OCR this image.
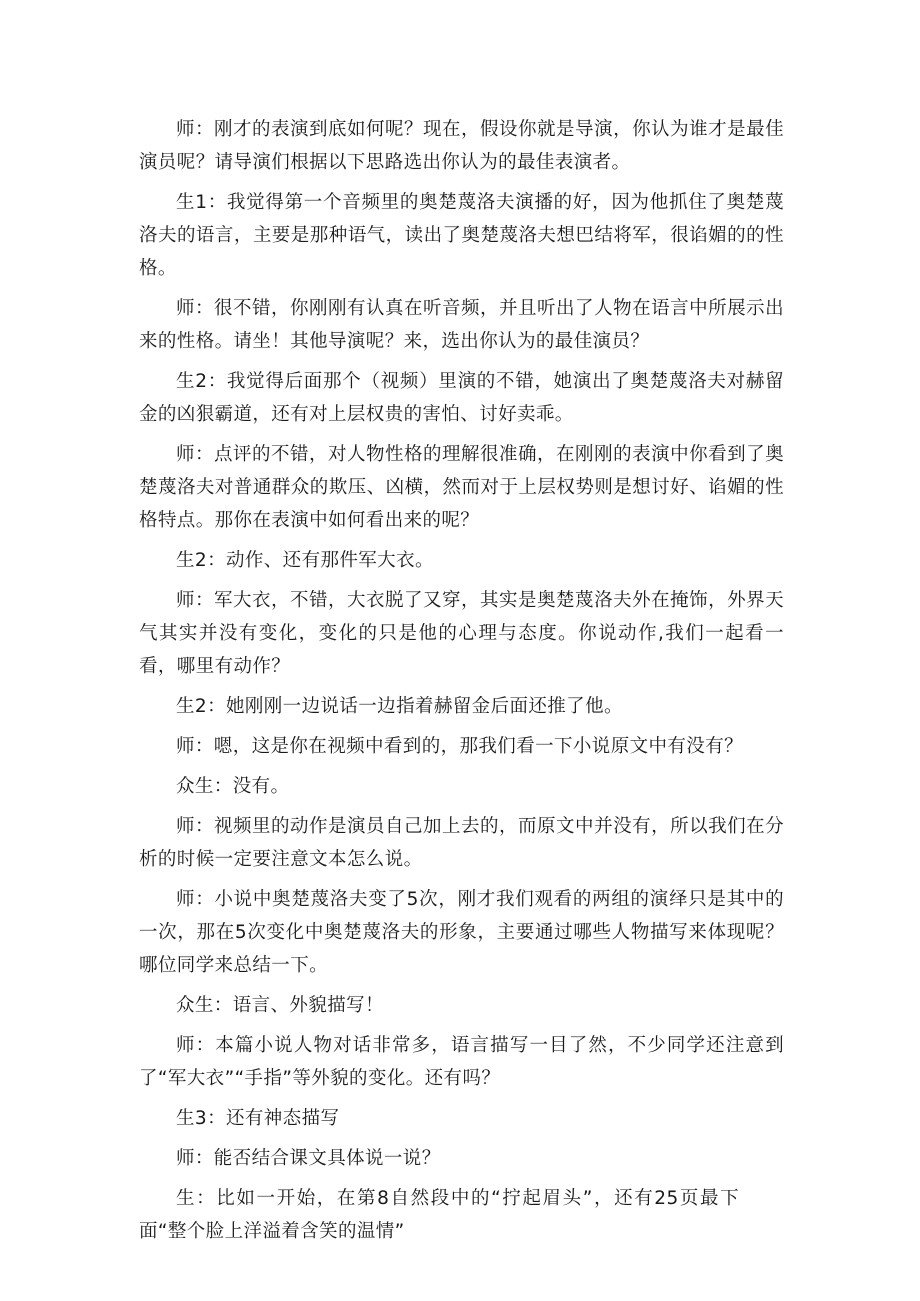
师：刚才的表演到底如何呢？现在，假设你就是导演，你认为谁才是最佳演员呢？请导演们根据以下思路选出你认为的最佳表演者。

生1：我觉得第一个音频里的奥楚蔑洛夫演播的好，因为他抓住了奥楚蔑洛夫的语言，主要是那种语气，读出了奥楚蔑洛夫想巴结将军，很谄媚的的性格。

师：很不错，你刚刚有认真在听音频，并且听出了人物在语言中所展示出来的性格。请坐！其他导演呢？来，选出你认为的最佳演员？

生2：我觉得后面那个（视频）里演的不错，她演出了奥楚蔑洛夫对赫留金的凶狠霸道，还有对上层权贵的害怕、讨好卖乖。

师：点评的不错，对人物性格的理解很准确，在刚刚的表演中你看到了奥楚蔑洛夫对普通群众的欺压、凶横，然而对于上层权势则是想讨好、谄媚的性格特点。那你在表演中如何看出来的呢？

生2：动作、还有那件军大衣。

师：军大衣，不错，大衣脱了又穿，其实是奥楚蔑洛夫外在掩饰，外界天气其实并没有变化，变化的只是他的心理与态度。你说动作,我们一起看一看，哪里有动作？

生2：她刚刚一边说话一边指着赫留金后面还推了他。

师：嗯，这是你在视频中看到的，那我们看一下小说原文中有没有？

众生：没有。

师：视频里的动作是演员自己加上去的，而原文中并没有，所以我们在分析的时候一定要注意文本怎么说。

师：小说中奥楚蔑洛夫变了5次，刚才我们观看的两组的演绎只是其中的一次，那在5次变化中奥楚蔑洛夫的形象，主要通过哪些人物描写来体现呢？哪位同学来总结一下。

众生：语言、外貌描写！

师：本篇小说人物对话非常多，语言描写一目了然，不少同学还注意到了“军大衣”“手指”等外貌的变化。还有吗？

生3：还有神态描写

师：能否结合课文具体说一说？

生：比如一开始，在第8自然段中的“拧起眉头”，还有25页最下面“整个脸上洋溢着含笑的温情”
